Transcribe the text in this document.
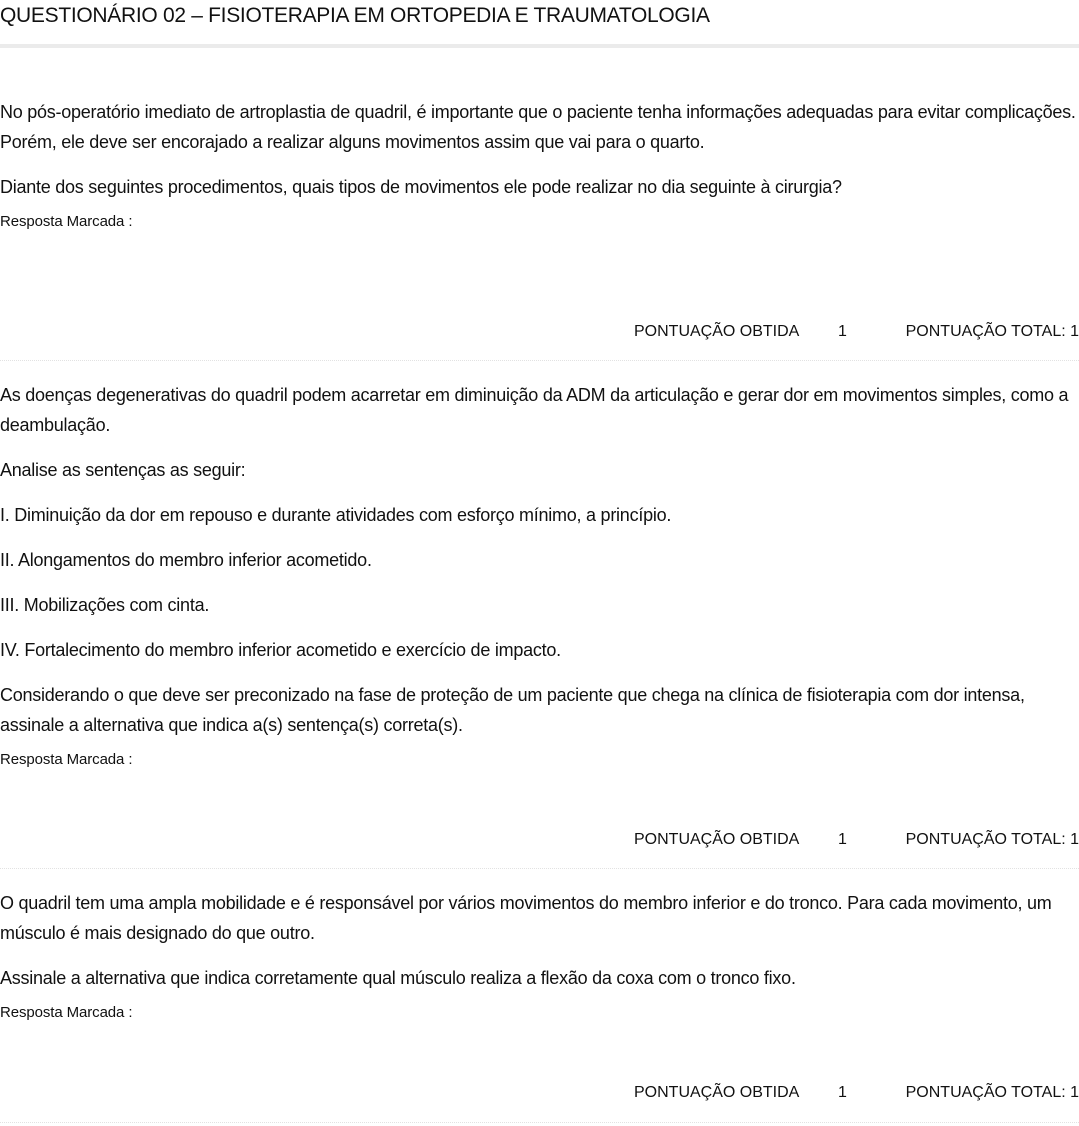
QUESTIONÁRIO 02 – FISIOTERAPIA EM ORTOPEDIA E TRAUMATOLOGIA

No pós-operatório imediato de artroplastia de quadril, é importante que o paciente tenha informações adequadas para evitar complicações. Porém, ele deve ser encorajado a realizar alguns movimentos assim que vai para o quarto.

Diante dos seguintes procedimentos, quais tipos de movimentos ele pode realizar no dia seguinte à cirurgia?

Resposta Marcada :

PONTUAÇÃO OBTIDA 1	PONTUAÇÃO TOTAL: 1

As doenças degenerativas do quadril podem acarretar em diminuição da ADM da articulação e gerar dor em movimentos simples, como a deambulação.

Analise as sentenças as seguir:

I. Diminuição da dor em repouso e durante atividades com esforço mínimo, a princípio.

II. Alongamentos do membro inferior acometido.

III. Mobilizações com cinta.

IV. Fortalecimento do membro inferior acometido e exercício de impacto.

Considerando o que deve ser preconizado na fase de proteção de um paciente que chega na clínica de fisioterapia com dor intensa, assinale a alternativa que indica a(s) sentença(s) correta(s).

Resposta Marcada :

PONTUAÇÃO OBTIDA 1	PONTUAÇÃO TOTAL: 1

O quadril tem uma ampla mobilidade e é responsável por vários movimentos do membro inferior e do tronco. Para cada movimento, um músculo é mais designado do que outro.

Assinale a alternativa que indica corretamente qual músculo realiza a flexão da coxa com o tronco fixo.

Resposta Marcada :

PONTUAÇÃO OBTIDA 1	PONTUAÇÃO TOTAL: 1
